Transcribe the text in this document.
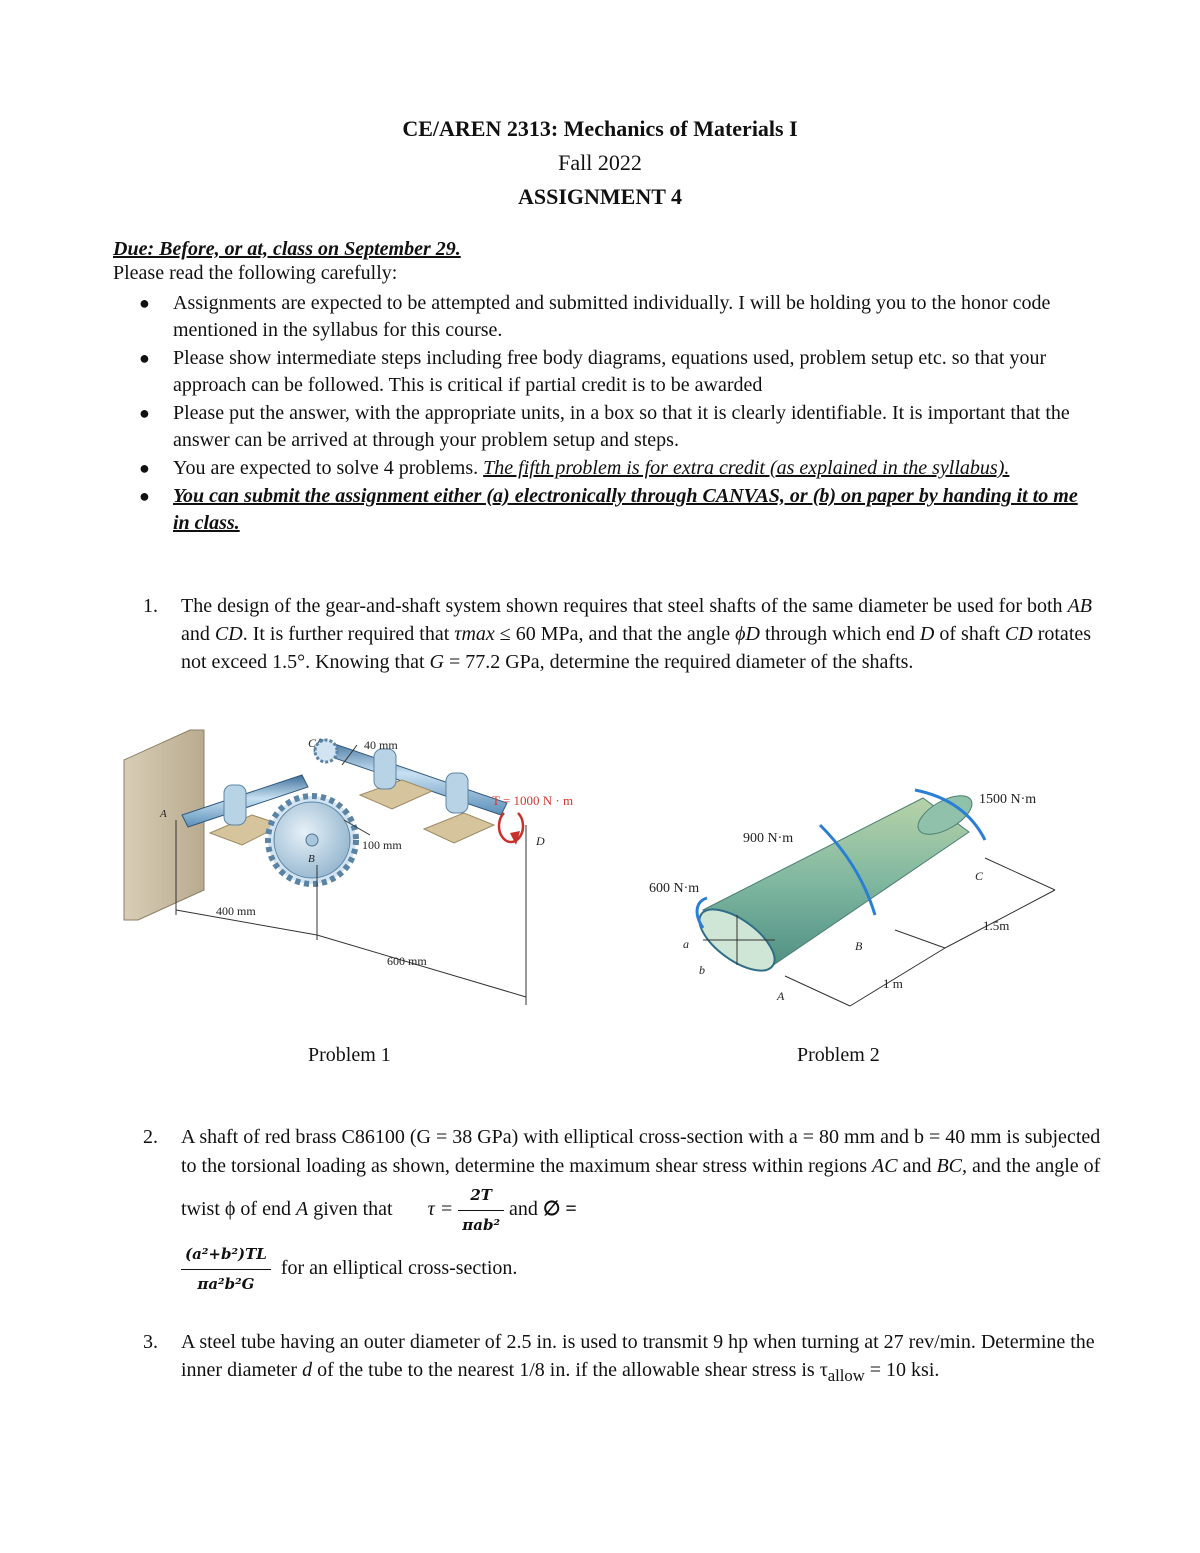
CE/AREN 2313: Mechanics of Materials I
Fall 2022
ASSIGNMENT 4
Due: Before, or at, class on September 29.
Please read the following carefully:
● Assignments are expected to be attempted and submitted individually. I will be holding you to the honor code mentioned in the syllabus for this course.
● Please show intermediate steps including free body diagrams, equations used, problem setup etc. so that your approach can be followed. This is critical if partial credit is to be awarded
● Please put the answer, with the appropriate units, in a box so that it is clearly identifiable. It is important that the answer can be arrived at through your problem setup and steps.
● You are expected to solve 4 problems. The fifth problem is for extra credit (as explained in the syllabus).
● You can submit the assignment either (a) electronically through CANVAS, or (b) on paper by handing it to me in class.
1. The design of the gear-and-shaft system shown requires that steel shafts of the same diameter be used for both AB and CD. It is further required that τmax ≤ 60 MPa, and that the angle ϕD through which end D of shaft CD rotates not exceed 1.5°. Knowing that G = 77.2 GPa, determine the required diameter of the shafts.
A
B
C
D
40 mm
100 mm
400 mm
600 mm
T = 1000 N · m	1500 N·m
900 N·m
600 N·m
a
b
A
B
C
1 m
1.5m
Problem 1	Problem 2
2. A shaft of red brass C86100 (G = 38 GPa) with elliptical cross-section with a = 80 mm and b = 40 mm is subjected to the torsional loading as shown, determine the maximum shear stress within regions AC and BC, and the angle of twist ϕ of end A given that $\tau = \frac{2T}{\text{πab²}}$ and ∅ =

$\frac{\text{(a²+b²)TL}}{\text{πa²b²G}}$ for an elliptical cross-section.
3. A steel tube having an outer diameter of 2.5 in. is used to transmit 9 hp when turning at 27 rev/min. Determine the inner diameter d of the tube to the nearest 1/8 in. if the allowable shear stress is $\tau_{allow} = 10$ ksi.
